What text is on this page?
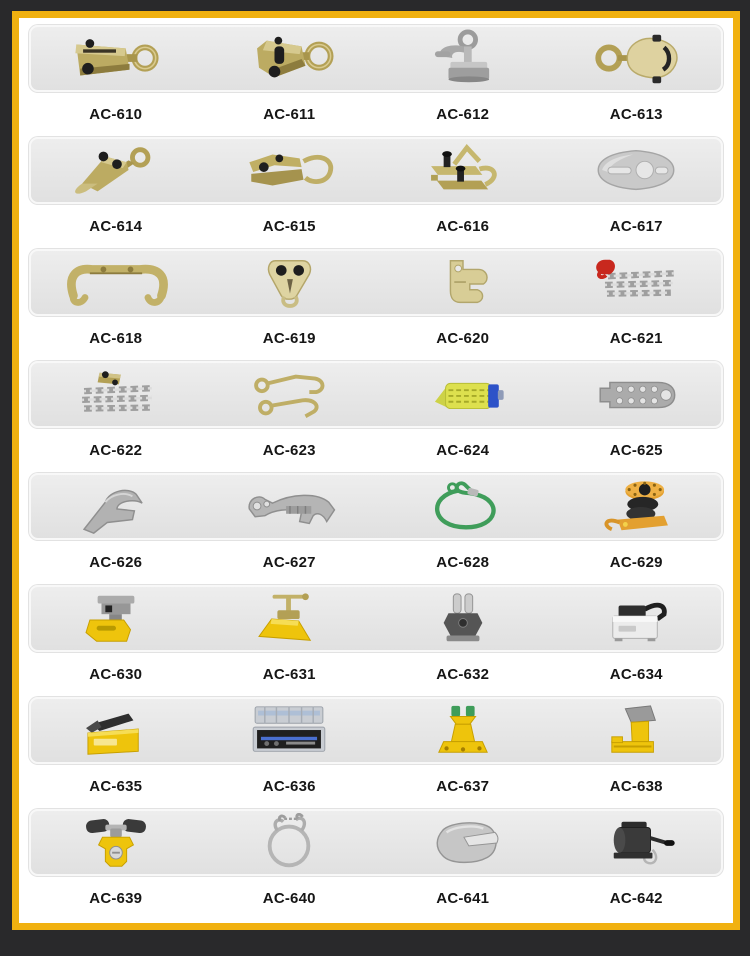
AC-610	AC-611	AC-612	AC-613
AC-614	AC-615	AC-616	AC-617
AC-618	AC-619	AC-620	AC-621
AC-622	AC-623	AC-624	AC-625
AC-626	AC-627	AC-628	AC-629
AC-630	AC-631	AC-632	AC-634
AC-635	AC-636	AC-637	AC-638
AC-639	AC-640	AC-641	AC-642
